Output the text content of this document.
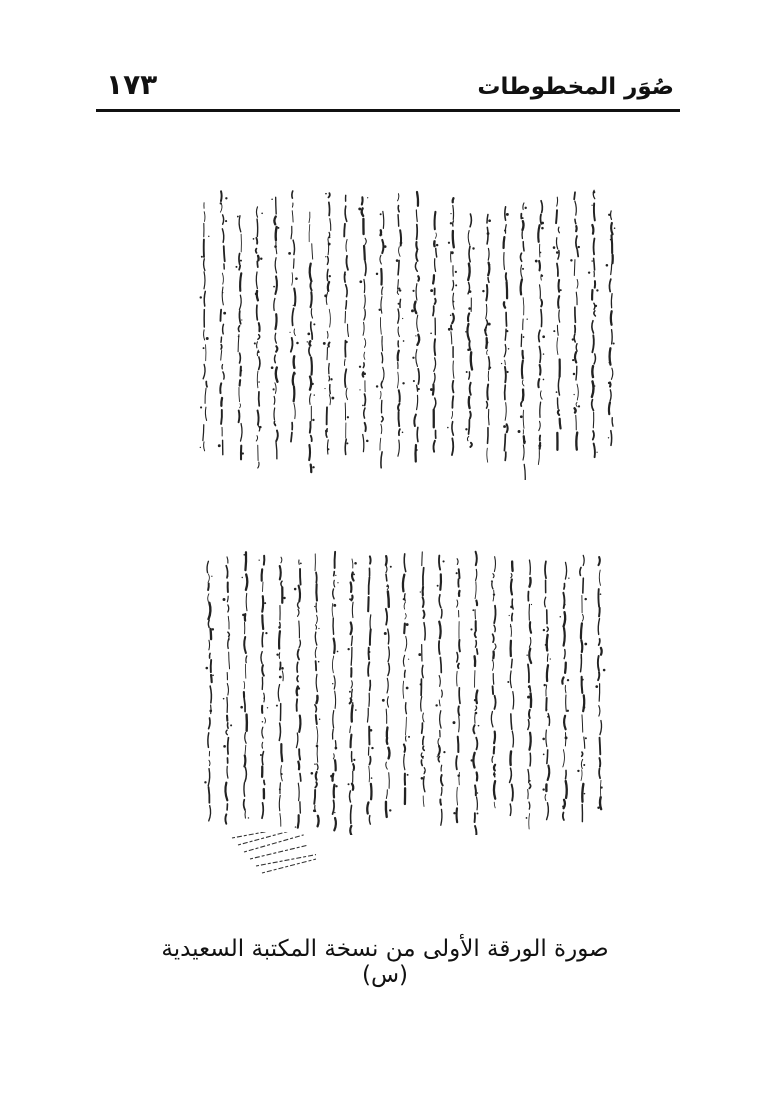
١٧٣	صُوَر المخطوطات
صورة الورقة الأولى من نسخة المكتبة السعيدية (س)
